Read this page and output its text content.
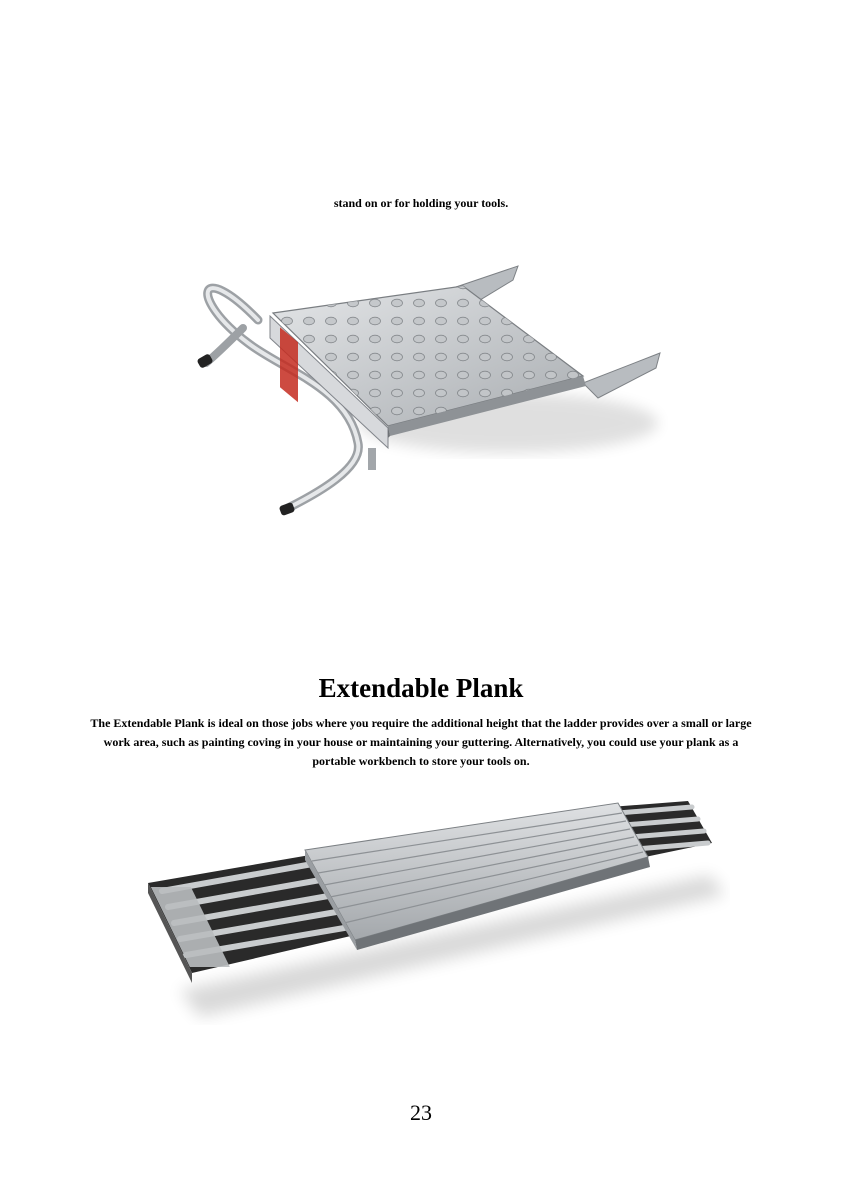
stand on or for holding your tools.
Extendable Plank

The Extendable Plank is ideal on those jobs where you require the additional height that the ladder provides over a small or large work area, such as painting coving in your house or maintaining your guttering. Alternatively, you could use your plank as a portable workbench to store your tools on.

23
